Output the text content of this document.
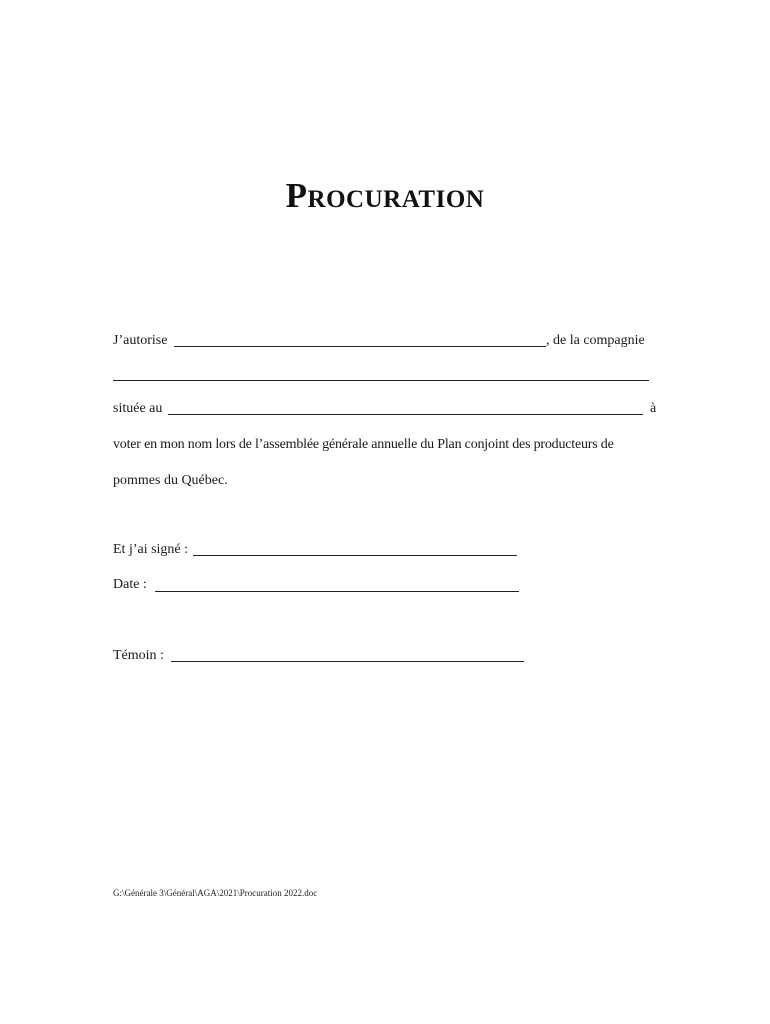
Procuration
J’autorise	, de la compagnie
située au	à
voter en mon nom lors de l’assemblée générale annuelle du Plan conjoint des producteurs de
pommes du Québec.
Et j’ai signé :
Date :
Témoin :
G:\Générale 3\Général\AGA\2021\Procuration 2022.doc
